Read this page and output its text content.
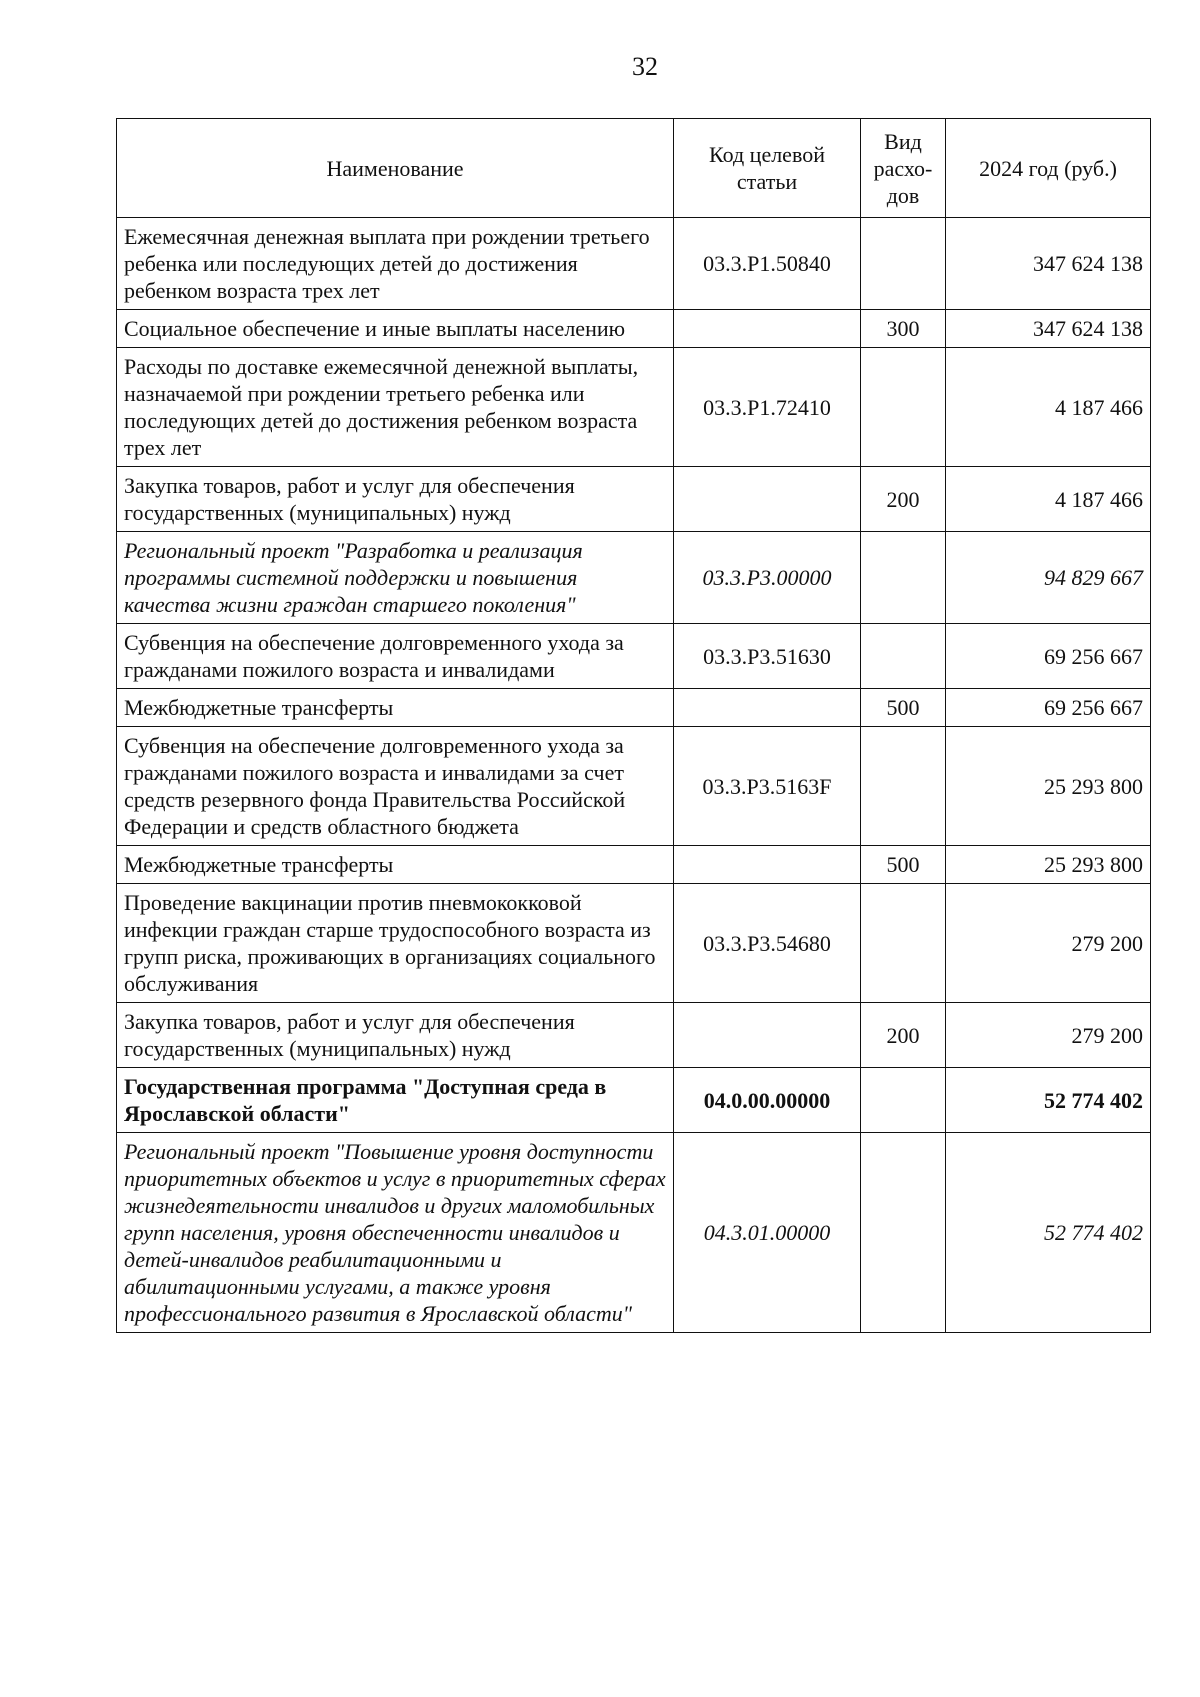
32
Наименование	Код целевой статьи	Вид расхо-дов	2024 год (руб.)
Ежемесячная денежная выплата при рождении третьего ребенка или последующих детей до достижения ребенком возраста трех лет	03.3.P1.50840		347 624 138
Социальное обеспечение и иные выплаты населению		300	347 624 138
Расходы по доставке ежемесячной денежной выплаты, назначаемой при рождении третьего ребенка или последующих детей до достижения ребенком возраста трех лет	03.3.P1.72410		4 187 466
Закупка товаров, работ и услуг для обеспечения государственных (муниципальных) нужд		200	4 187 466
Региональный проект "Разработка и реализация программы системной поддержки и повышения качества жизни граждан старшего поколения"	03.3.P3.00000		94 829 667
Субвенция на обеспечение долговременного ухода за гражданами пожилого возраста и инвалидами	03.3.P3.51630		69 256 667
Межбюджетные трансферты		500	69 256 667
Субвенция на обеспечение долговременного ухода за гражданами пожилого возраста и инвалидами за счет средств резервного фонда Правительства Российской Федерации и средств областного бюджета	03.3.P3.5163F		25 293 800
Межбюджетные трансферты		500	25 293 800
Проведение вакцинации против пневмококковой инфекции граждан старше трудоспособного возраста из групп риска, проживающих в организациях социального обслуживания	03.3.P3.54680		279 200
Закупка товаров, работ и услуг для обеспечения государственных (муниципальных) нужд		200	279 200
Государственная программа "Доступная среда в Ярославской области"	04.0.00.00000		52 774 402
Региональный проект "Повышение уровня доступности приоритетных объектов и услуг в приоритетных сферах жизнедеятельности инвалидов и других маломобильных групп населения, уровня обеспеченности инвалидов и детей-инвалидов реабилитационными и абилитационными услугами, а также уровня профессионального развития в Ярославской области"	04.3.01.00000		52 774 402
